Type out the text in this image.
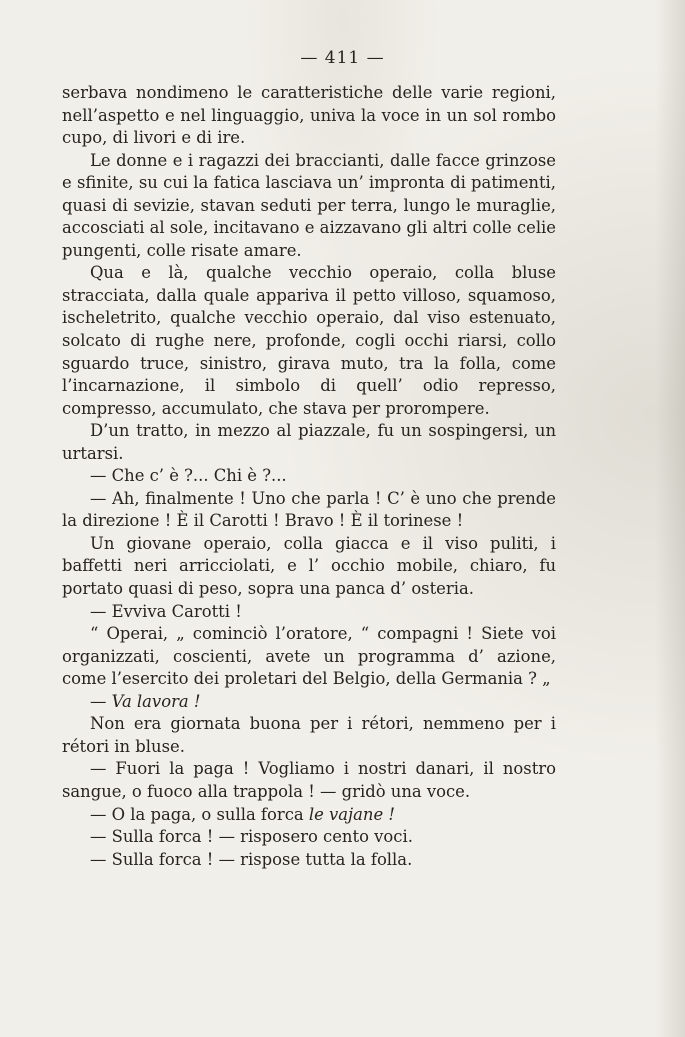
— 411 —

serbava nondimeno le caratteristiche delle varie regioni, nell’aspetto e nel linguaggio, univa la voce in un sol rombo cupo, di livori e di ire.

Le donne e i ragazzi dei braccianti, dalle facce grinzose e sfinite, su cui la fatica lasciava un’ impronta di patimenti, quasi di sevizie, stavan seduti per terra, lungo le muraglie, accosciati al sole, incitavano e aizzavano gli altri colle celie pungenti, colle risate amare.

Qua e là, qualche vecchio operaio, colla bluse stracciata, dalla quale appariva il petto villoso, squamoso, ischeletrito, qualche vecchio operaio, dal viso estenuato, solcato di rughe nere, profonde, cogli occhi riarsi, collo sguardo truce, sinistro, girava muto, tra la folla, come l’incarnazione, il simbolo di quell’ odio represso, compresso, accumulato, che stava per prorompere.

D’un tratto, in mezzo al piazzale, fu un sospingersi, un urtarsi.

— Che c’ è ?... Chi è ?...

— Ah, finalmente ! Uno che parla ! C’ è uno che prende la direzione ! È il Carotti ! Bravo ! È il torinese !

Un giovane operaio, colla giacca e il viso puliti, i baffetti neri arricciolati, e l’ occhio mobile, chiaro, fu portato quasi di peso, sopra una panca d’ osteria.

— Evviva Carotti !

“ Operai, „ cominciò l’oratore, “ compagni ! Siete voi organizzati, coscienti, avete un programma d’ azione, come l’esercito dei proletari del Belgio, della Germania ? „

— Va lavora !

Non era giornata buona per i rétori, nemmeno per i rétori in bluse.

— Fuori la paga ! Vogliamo i nostri danari, il nostro sangue, o fuoco alla trappola ! — gridò una voce.

— O la paga, o sulla forca le vajane !

— Sulla forca ! — risposero cento voci.

— Sulla forca ! — rispose tutta la folla.
